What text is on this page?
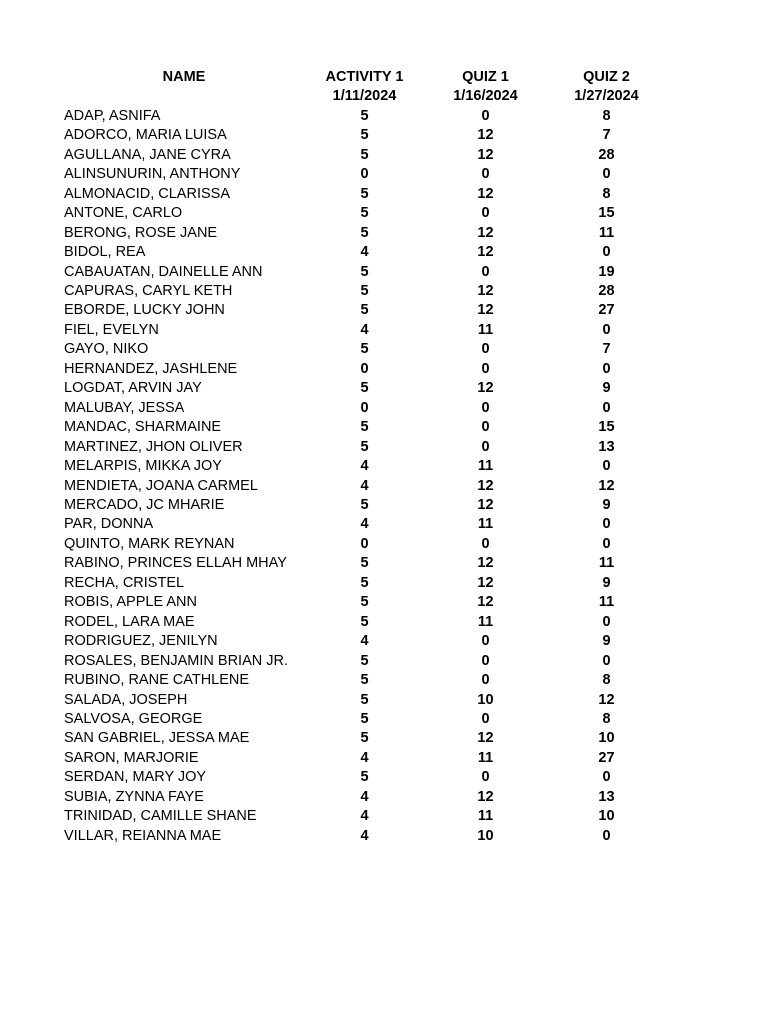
	NAME	ACTIVITY 1	QUIZ 1	QUIZ 2
		1/11/2024	1/16/2024	1/27/2024
	ADAP, ASNIFA	5	0	8
	ADORCO, MARIA LUISA	5	12	7
	AGULLANA, JANE CYRA	5	12	28
	ALINSUNURIN, ANTHONY	0	0	0
	ALMONACID, CLARISSA	5	12	8
	ANTONE, CARLO	5	0	15
	BERONG, ROSE JANE	5	12	11
	BIDOL, REA	4	12	0
	CABAUATAN, DAINELLE ANN	5	0	19
	CAPURAS, CARYL KETH	5	12	28
	EBORDE, LUCKY JOHN	5	12	27
	FIEL, EVELYN	4	11	0
	GAYO, NIKO	5	0	7
	HERNANDEZ, JASHLENE	0	0	0
	LOGDAT, ARVIN JAY	5	12	9
	MALUBAY, JESSA	0	0	0
	MANDAC, SHARMAINE	5	0	15
	MARTINEZ, JHON OLIVER	5	0	13
	MELARPIS, MIKKA JOY	4	11	0
	MENDIETA, JOANA CARMEL	4	12	12
	MERCADO, JC MHARIE	5	12	9
	PAR, DONNA	4	11	0
	QUINTO, MARK REYNAN	0	0	0
	RABINO, PRINCES ELLAH MHAY	5	12	11
	RECHA, CRISTEL	5	12	9
	ROBIS, APPLE ANN	5	12	11
	RODEL, LARA MAE	5	11	0
	RODRIGUEZ, JENILYN	4	0	9
	ROSALES, BENJAMIN BRIAN JR.	5	0	0
	RUBINO, RANE CATHLENE	5	0	8
	SALADA, JOSEPH	5	10	12
	SALVOSA, GEORGE	5	0	8
	SAN GABRIEL, JESSA MAE	5	12	10
	SARON, MARJORIE	4	11	27
	SERDAN, MARY JOY	5	0	0
	SUBIA, ZYNNA FAYE	4	12	13
	TRINIDAD, CAMILLE SHANE	4	11	10
	VILLAR, REIANNA MAE	4	10	0
